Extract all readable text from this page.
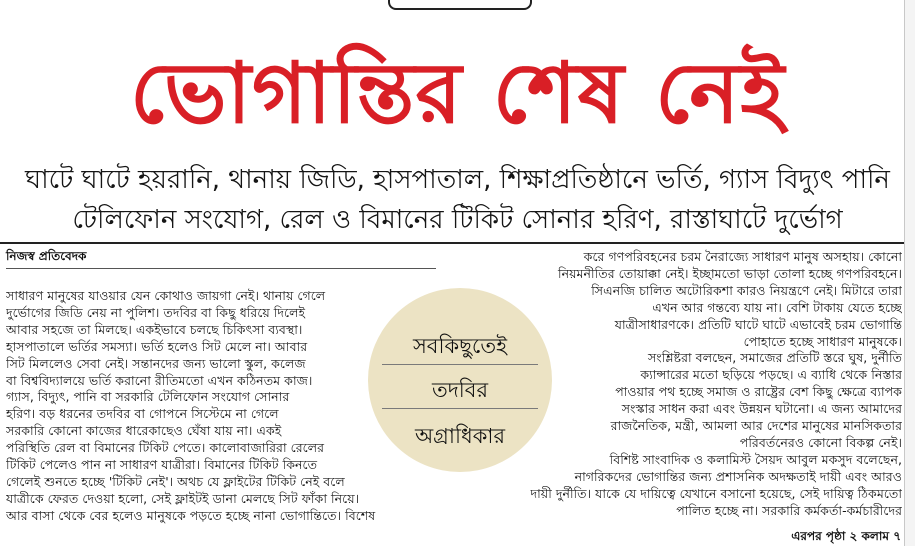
ভোগান্তির শেষ নেই
ঘাটে ঘাটে হয়রানি, থানায় জিডি, হাসপাতাল, শিক্ষাপ্রতিষ্ঠানে ভর্তি, গ্যাস বিদ্যুৎ পানি
টেলিফোন সংযোগ, রেল ও বিমানের টিকিট সোনার হরিণ, রাস্তাঘাটে দুর্ভোগ
নিজস্ব প্রতিবেদক
সাধারণ মানুষের যাওয়ার যেন কোথাও জায়গা নেই। থানায় গেলে
দুর্ভোগের জিডি নেয় না পুলিশ। তদবির বা কিছু ধরিয়ে দিলেই
আবার সহজে তা মিলছে। একইভাবে চলছে চিকিৎসা ব্যবস্থা।
হাসপাতালে ভর্তির সমস্যা। ভর্তি হলেও সিট মেলে না। আবার
সিট মিললেও সেবা নেই। সন্তানদের জন্য ভালো স্কুল, কলেজ
বা বিশ্ববিদ্যালয়ে ভর্তি করানো রীতিমতো এখন কঠিনতম কাজ।
গ্যাস, বিদ্যুৎ, পানি বা সরকারি টেলিফোন সংযোগ সোনার
হরিণ। বড় ধরনের তদবির বা গোপনে সিস্টেমে না গেলে
সরকারি কোনো কাজের ধারেকাছেও ঘেঁষা যায় না। একই
পরিস্থিতি রেল বা বিমানের টিকিট পেতে। কালোবাজারিরা রেলের
টিকিট পেলেও পান না সাধারণ যাত্রীরা। বিমানের টিকিট কিনতে
গেলেই শুনতে হচ্ছে 'টিকিট নেই'। অথচ যে ফ্লাইটের টিকিট নেই বলে
যাত্রীকে ফেরত দেওয়া হলো, সেই ফ্লাইটই ডানা মেলছে সিট ফাঁকা নিয়ে।
আর বাসা থেকে বের হলেও মানুষকে পড়তে হচ্ছে নানা ভোগান্তিতে। বিশেষ
করে গণপরিবহনের চরম নৈরাজ্যে সাধারণ মানুষ অসহায়। কোনো
নিয়মনীতির তোয়াক্কা নেই। ইচ্ছামতো ভাড়া তোলা হচ্ছে গণপরিবহনে।
সিএনজি চালিত অটোরিকশা কারও নিয়ন্ত্রণে নেই। মিটারে তারা
এখন আর গন্তব্যে যায় না। বেশি টাকায় যেতে হচ্ছে
যাত্রীসাধারণকে। প্রতিটি ঘাটে ঘাটে এভাবেই চরম ভোগান্তি
পোহাতে হচ্ছে সাধারণ মানুষকে।
সংশ্লিষ্টরা বলছেন, সমাজের প্রতিটি স্তরে ঘুষ, দুর্নীতি
ক্যান্সারের মতো ছড়িয়ে পড়ছে। এ ব্যাধি থেকে নিস্তার
পাওয়ার পথ হচ্ছে সমাজ ও রাষ্ট্রের বেশ কিছু ক্ষেত্রে ব্যাপক
সংস্কার সাধন করা এবং উন্নয়ন ঘটানো। এ জন্য আমাদের
রাজনৈতিক, মন্ত্রী, আমলা আর দেশের মানুষের মানসিকতার
পরিবর্তনেরও কোনো বিকল্প নেই।
বিশিষ্ট সাংবাদিক ও কলামিস্ট সৈয়দ আবুল মকসুদ বলেছেন,
নাগরিকদের ভোগান্তির জন্য প্রশাসনিক অদক্ষতাই দায়ী এবং আরও
দায়ী দুর্নীতি। যাকে যে দায়িত্বে যেখানে বসানো হয়েছে, সেই দায়িত্ব ঠিকমতো
পালিত হচ্ছে না। সরকারি কর্মকর্তা-কর্মচারীদের
সবকিছুতেই
তদবির
অগ্রাধিকার
এরপর পৃষ্ঠা ২ কলাম ৭
